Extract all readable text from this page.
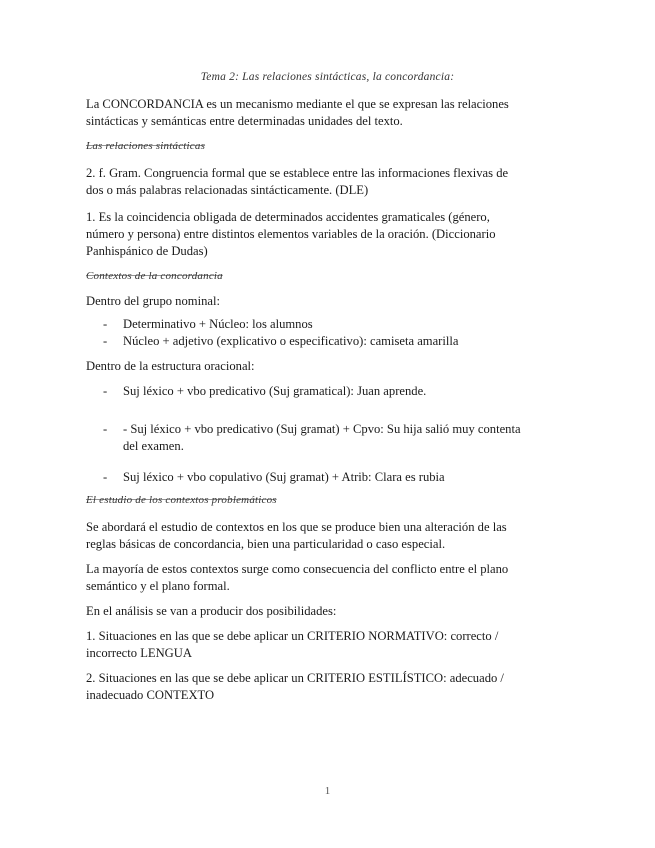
Tema 2: Las relaciones sintácticas, la concordancia:

La CONCORDANCIA es un mecanismo mediante el que se expresan las relaciones sintácticas y semánticas entre determinadas unidades del texto.

Las relaciones sintácticas

2. f. Gram. Congruencia formal que se establece entre las informaciones flexivas de dos o más palabras relacionadas sintácticamente. (DLE)

1. Es la coincidencia obligada de determinados accidentes gramaticales (género, número y persona) entre distintos elementos variables de la oración. (Diccionario Panhispánico de Dudas)

Contextos de la concordancia

Dentro del grupo nominal:

- Determinativo + Núcleo: los alumnos

- Núcleo + adjetivo (explicativo o especificativo): camiseta amarilla

Dentro de la estructura oracional:

- Suj léxico + vbo predicativo (Suj gramatical): Juan aprende.

- - Suj léxico + vbo predicativo (Suj gramat) + Cpvo: Su hija salió muy contenta del examen.

- Suj léxico + vbo copulativo (Suj gramat) + Atrib: Clara es rubia

El estudio de los contextos problemáticos

Se abordará el estudio de contextos en los que se produce bien una alteración de las reglas básicas de concordancia, bien una particularidad o caso especial.

La mayoría de estos contextos surge como consecuencia del conflicto entre el plano semántico y el plano formal.

En el análisis se van a producir dos posibilidades:

1. Situaciones en las que se debe aplicar un CRITERIO NORMATIVO: correcto / incorrecto LENGUA

2. Situaciones en las que se debe aplicar un CRITERIO ESTILÍSTICO: adecuado / inadecuado CONTEXTO

1
